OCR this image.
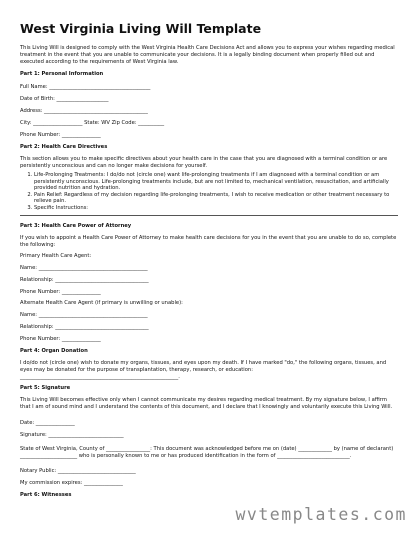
West Virginia Living Will Template
This Living Will is designed to comply with the West Virginia Health Care Decisions Act and allows you to express your wishes regarding medical treatment in the event that you are unable to communicate your decisions. It is a legally binding document when properly filled out and executed according to the requirements of West Virginia law.
Part 1: Personal Information
Full Name: _______________________________________
Date of Birth: ____________________
Address: ________________________________________
City: ___________________ State: WV Zip Code: __________
Phone Number: _______________
Part 2: Health Care Directives
This section allows you to make specific directives about your health care in the case that you are diagnosed with a terminal condition or are persistently unconscious and can no longer make decisions for yourself.
1. Life-Prolonging Treatments: I do/do not (circle one) want life-prolonging treatments if I am diagnosed with a terminal condition or am persistently unconscious. Life-prolonging treatments include, but are not limited to, mechanical ventilation, resuscitation, and artificially provided nutrition and hydration.
2. Pain Relief: Regardless of my decision regarding life-prolonging treatments, I wish to receive medication or other treatment necessary to relieve pain.
3. Specific Instructions:
Part 3: Health Care Power of Attorney
If you wish to appoint a Health Care Power of Attorney to make health care decisions for you in the event that you are unable to do so, complete the following:
Primary Health Care Agent:
Name: __________________________________________
Relationship: ____________________________________
Phone Number: _______________
Alternate Health Care Agent (if primary is unwilling or unable):
Name: __________________________________________
Relationship: ____________________________________
Phone Number: _______________
Part 4: Organ Donation
I do/do not (circle one) wish to donate my organs, tissues, and eyes upon my death. If I have marked "do," the following organs, tissues, and eyes may be donated for the purpose of transplantation, therapy, research, or education:
_____________________________________________________________.
Part 5: Signature
This Living Will becomes effective only when I cannot communicate my desires regarding medical treatment. By my signature below, I affirm that I am of sound mind and I understand the contents of this document, and I declare that I knowingly and voluntarily execute this Living Will.
Date: _______________
Signature: _____________________________
State of West Virginia, County of _________________: This document was acknowledged before me on (date) _____________ by (name of declarant) ______________________ who is personally known to me or has produced identification in the form of ____________________________.
Notary Public: ______________________________
My commission expires: _______________
Part 6: Witnesses
wvtemplates.com
